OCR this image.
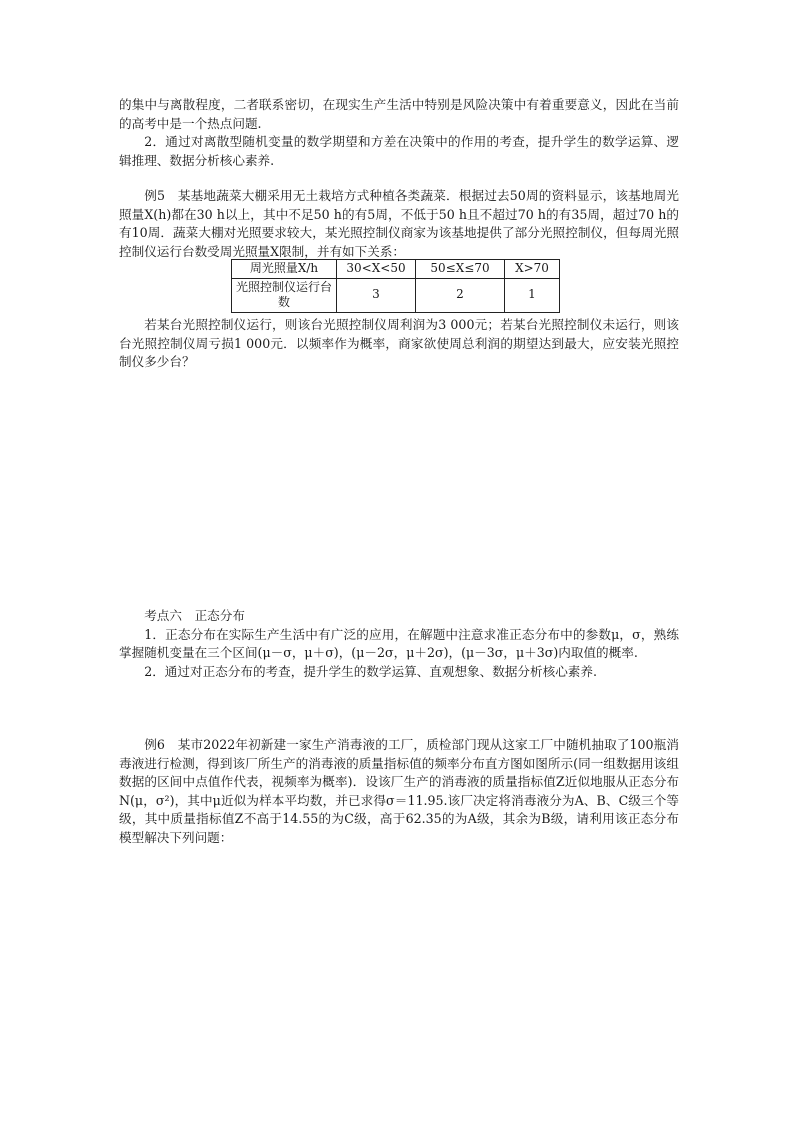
的集中与离散程度，二者联系密切，在现实生产生活中特别是风险决策中有着重要意义，因此在当前的高考中是一个热点问题.

2．通过对离散型随机变量的数学期望和方差在决策中的作用的考查，提升学生的数学运算、逻辑推理、数据分析核心素养.

例5　 某基地蔬菜大棚采用无土栽培方式种植各类蔬菜．根据过去50周的资料显示，该基地周光照量X(h)都在30 h以上，其中不足50 h的有5周，不低于50 h且不超过70 h的有35周，超过70 h的有10周．蔬菜大棚对光照要求较大，某光照控制仪商家为该基地提供了部分光照控制仪，但每周光照控制仪运行台数受周光照量X限制，并有如下关系：

周光照量X/h	30<X<50	50≤X≤70	X>70
光照控制仪运行台数	3	2	1

若某台光照控制仪运行，则该台光照控制仪周利润为3 000元；若某台光照控制仪未运行，则该台光照控制仪周亏损1 000元．以频率作为概率，商家欲使周总利润的期望达到最大，应安装光照控制仪多少台？

考点六　正态分布

1．正态分布在实际生产生活中有广泛的应用，在解题中注意求准正态分布中的参数μ，σ，熟练掌握随机变量在三个区间(μ－σ，μ＋σ)，(μ－2σ，μ＋2σ)，(μ－3σ，μ＋3σ)内取值的概率.

2．通过对正态分布的考查，提升学生的数学运算、直观想象、数据分析核心素养.

例6　 某市2022年初新建一家生产消毒液的工厂，质检部门现从这家工厂中随机抽取了100瓶消毒液进行检测，得到该厂所生产的消毒液的质量指标值的频率分布直方图如图所示(同一组数据用该组数据的区间中点值作代表，视频率为概率)．设该厂生产的消毒液的质量指标值Z近似地服从正态分布N(μ，σ²)，其中μ近似为样本平均数，并已求得σ＝11.95.该厂决定将消毒液分为A、B、C级三个等级，其中质量指标值Z不高于14.55的为C级，高于62.35的为A级，其余为B级，请利用该正态分布模型解决下列问题：
